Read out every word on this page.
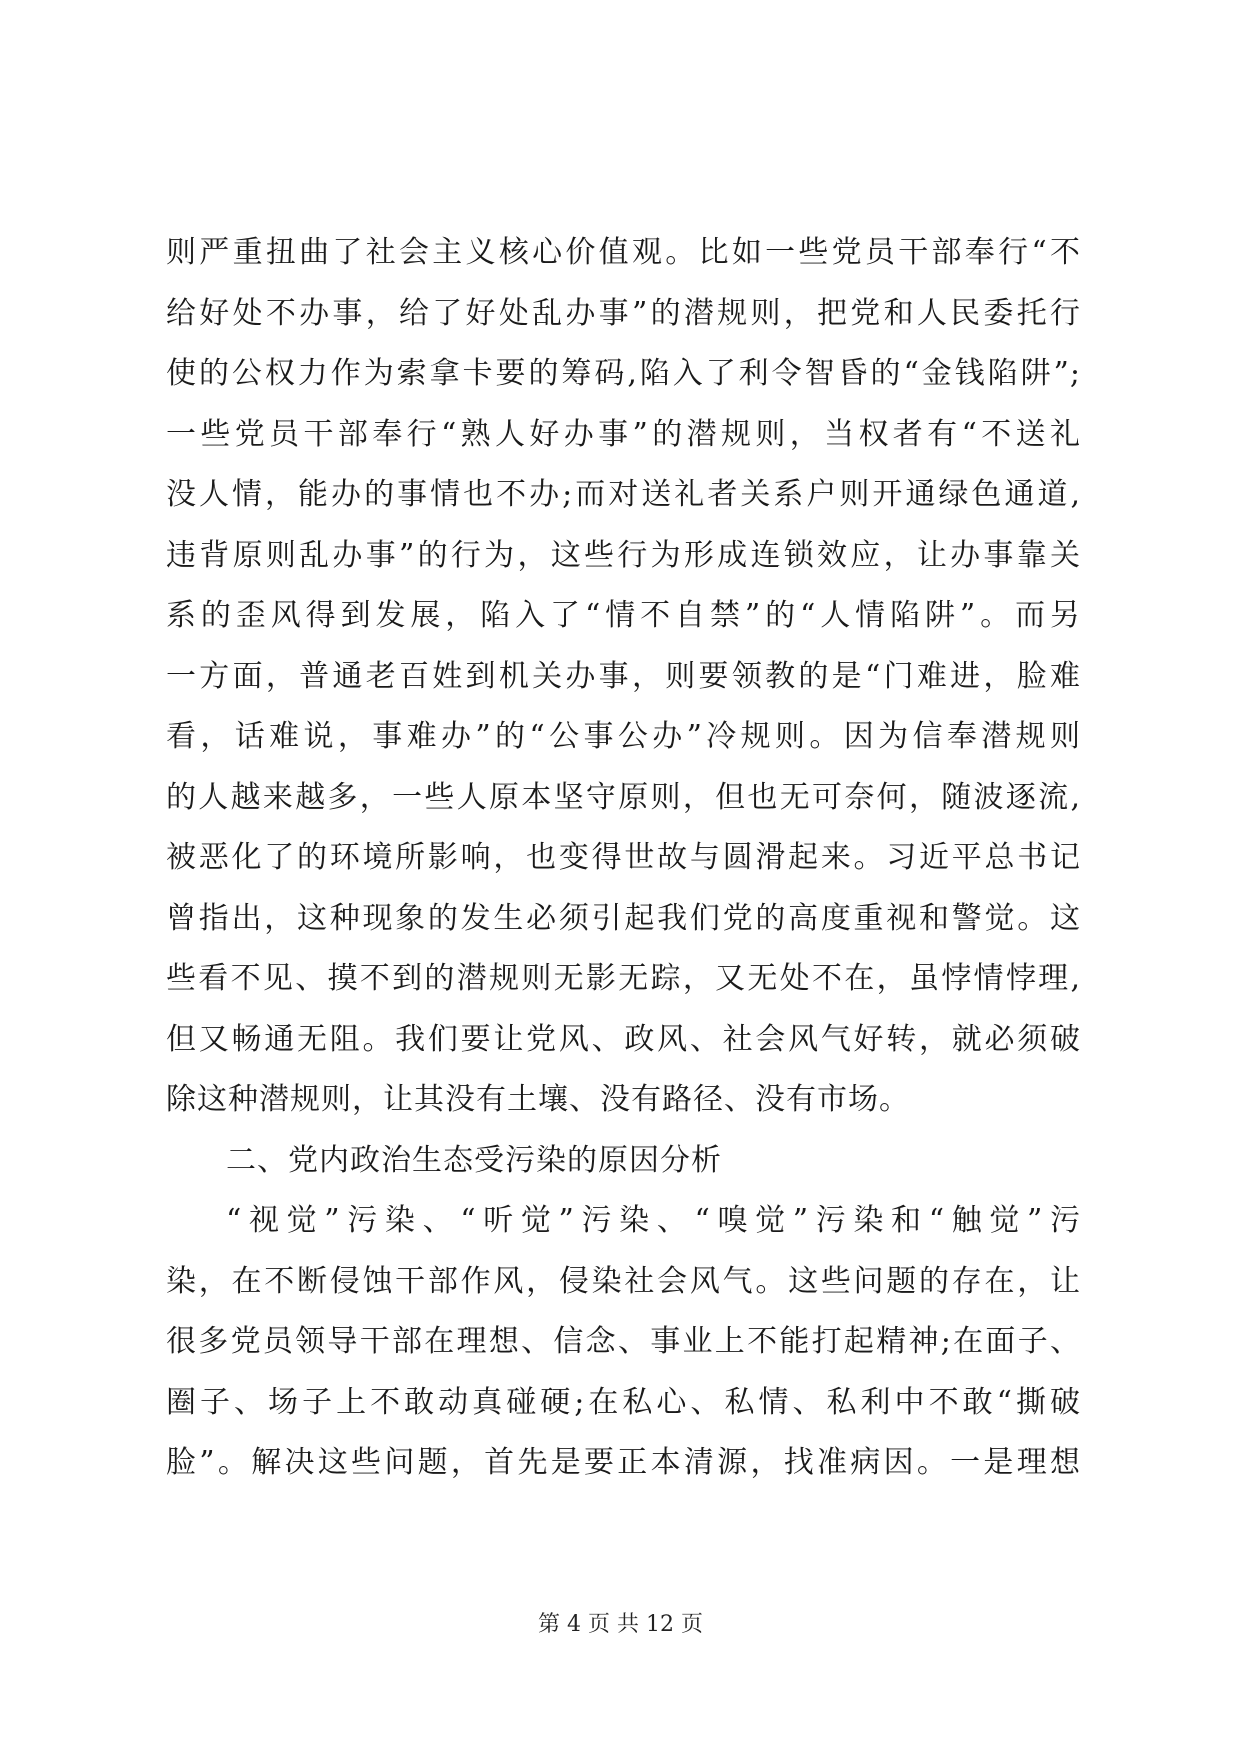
则严重扭曲了社会主义核心价值观。比如一些党员干部奉行“不
给好处不办事，给了好处乱办事”的潜规则，把党和人民委托行
使的公权力作为索拿卡要的筹码,陷入了利令智昏的“金钱陷阱”;
一些党员干部奉行“熟人好办事”的潜规则，当权者有“不送礼
没人情，能办的事情也不办;而对送礼者关系户则开通绿色通道,
违背原则乱办事”的行为，这些行为形成连锁效应，让办事靠关
系的歪风得到发展，陷入了“情不自禁”的“人情陷阱”。而另
一方面，普通老百姓到机关办事，则要领教的是“门难进，脸难
看，话难说，事难办”的“公事公办”冷规则。因为信奉潜规则
的人越来越多，一些人原本坚守原则，但也无可奈何，随波逐流,
被恶化了的环境所影响，也变得世故与圆滑起来。习近平总书记
曾指出，这种现象的发生必须引起我们党的高度重视和警觉。这
些看不见、摸不到的潜规则无影无踪，又无处不在，虽悖情悖理,
但又畅通无阻。我们要让党风、政风、社会风气好转，就必须破
除这种潜规则，让其没有土壤、没有路径、没有市场。
二、党内政治生态受污染的原因分析
“视觉”污染、“听觉”污染、“嗅觉”污染和“触觉”污
染，在不断侵蚀干部作风，侵染社会风气。这些问题的存在，让
很多党员领导干部在理想、信念、事业上不能打起精神;在面子、
圈子、场子上不敢动真碰硬;在私心、私情、私利中不敢“撕破
脸”。解决这些问题，首先是要正本清源，找准病因。一是理想
第 4 页 共 12 页
